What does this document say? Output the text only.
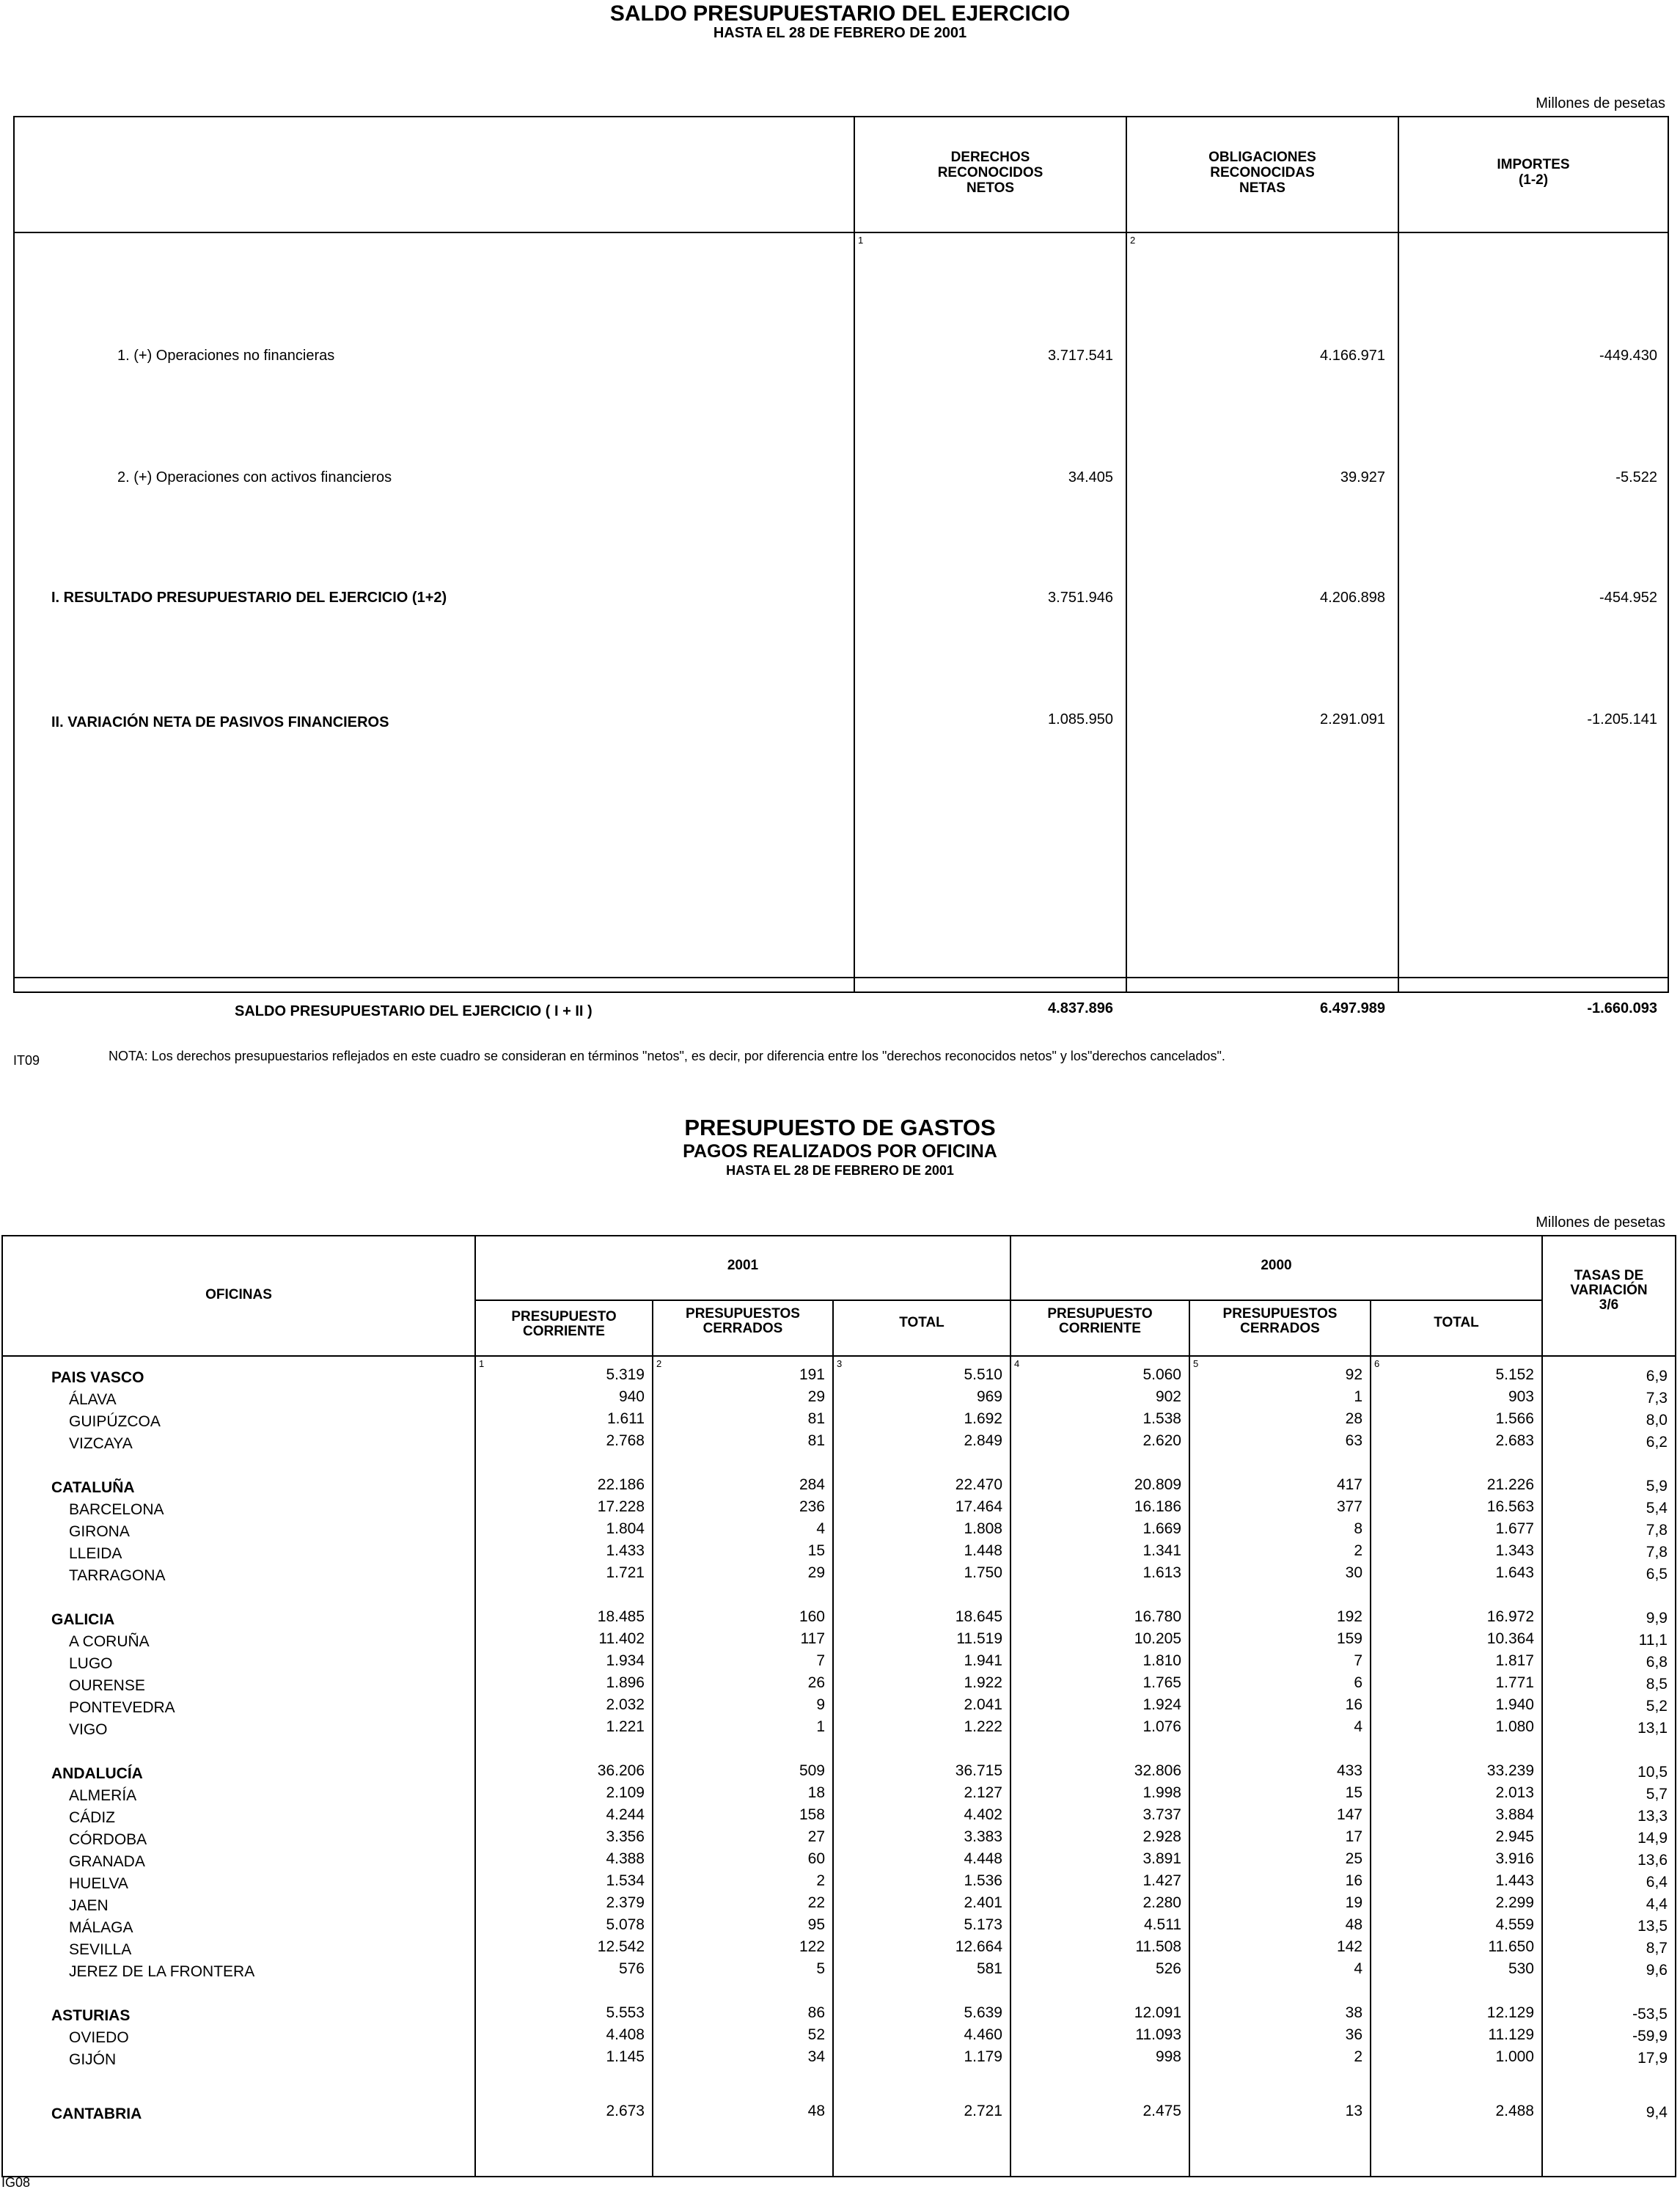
SALDO PRESUPUESTARIO DEL EJERCICIO
HASTA EL 28 DE FEBRERO DE 2001
Millones de pesetas
DERECHOS
RECONOCIDOS
NETOS
OBLIGACIONES
RECONOCIDAS
NETAS
IMPORTES
(1-2)
1	2
1. (+) Operaciones no financieras	3.717.541	4.166.971	-449.430
2. (+) Operaciones con activos financieros	34.405	39.927	-5.522
I. RESULTADO PRESUPUESTARIO DEL EJERCICIO (1+2)	3.751.946	4.206.898	-454.952
II. VARIACIÓN NETA DE PASIVOS FINANCIEROS	1.085.950	2.291.091	-1.205.141
SALDO PRESUPUESTARIO DEL EJERCICIO ( I + II )	4.837.896	6.497.989	-1.660.093
IT09	NOTA: Los derechos presupuestarios reflejados en este cuadro se consideran en términos "netos", es decir, por diferencia entre los "derechos reconocidos netos" y los"derechos cancelados".
PRESUPUESTO DE GASTOS
PAGOS REALIZADOS POR OFICINA
HASTA EL 28 DE FEBRERO DE 2001
Millones de pesetas
OFICINAS
2001	2000
TASAS DE
VARIACIÓN
3/6
PRESUPUESTO
CORRIENTE
PRESUPUESTOS
CERRADOS	TOTAL
PRESUPUESTO
CORRIENTE
PRESUPUESTOS
CERRADOS	TOTAL
1	2	3	4	5	6
PAIS VASCO	5.319	191	5.510	5.060	92	5.152	6,9
ÁLAVA	940	29	969	902	1	903	7,3
GUIPÚZCOA	1.611	81	1.692	1.538	28	1.566	8,0
VIZCAYA	2.768	81	2.849	2.620	63	2.683	6,2
CATALUÑA	22.186	284	22.470	20.809	417	21.226	5,9
BARCELONA	17.228	236	17.464	16.186	377	16.563	5,4
GIRONA	1.804	4	1.808	1.669	8	1.677	7,8
LLEIDA	1.433	15	1.448	1.341	2	1.343	7,8
TARRAGONA	1.721	29	1.750	1.613	30	1.643	6,5
GALICIA	18.485	160	18.645	16.780	192	16.972	9,9
A CORUÑA	11.402	117	11.519	10.205	159	10.364	11,1
LUGO	1.934	7	1.941	1.810	7	1.817	6,8
OURENSE	1.896	26	1.922	1.765	6	1.771	8,5
PONTEVEDRA	2.032	9	2.041	1.924	16	1.940	5,2
VIGO	1.221	1	1.222	1.076	4	1.080	13,1
ANDALUCÍA	36.206	509	36.715	32.806	433	33.239	10,5
ALMERÍA	2.109	18	2.127	1.998	15	2.013	5,7
CÁDIZ	4.244	158	4.402	3.737	147	3.884	13,3
CÓRDOBA	3.356	27	3.383	2.928	17	2.945	14,9
GRANADA	4.388	60	4.448	3.891	25	3.916	13,6
HUELVA	1.534	2	1.536	1.427	16	1.443	6,4
JAEN	2.379	22	2.401	2.280	19	2.299	4,4
MÁLAGA	5.078	95	5.173	4.511	48	4.559	13,5
SEVILLA	12.542	122	12.664	11.508	142	11.650	8,7
JEREZ DE LA FRONTERA	576	5	581	526	4	530	9,6
ASTURIAS	5.553	86	5.639	12.091	38	12.129	-53,5
OVIEDO	4.408	52	4.460	11.093	36	11.129	-59,9
GIJÓN	1.145	34	1.179	998	2	1.000	17,9
CANTABRIA	2.673	48	2.721	2.475	13	2.488	9,4
IG08
